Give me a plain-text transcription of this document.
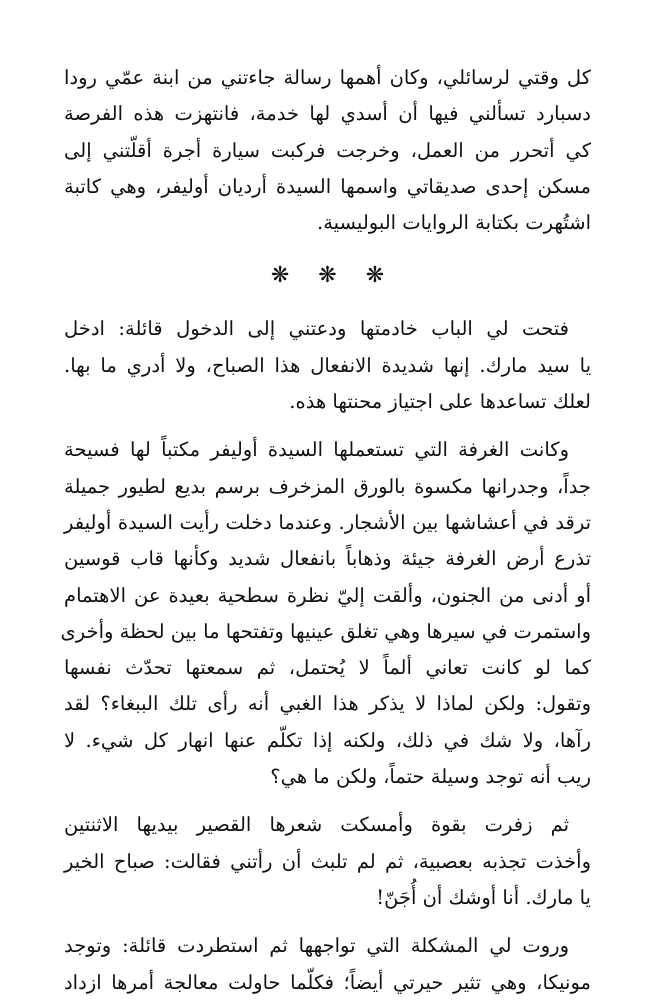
كل وقتي لرسائلي، وكان أهمها رسالة جاءتني من ابنة عمّي رودا
دسبارد تسألني فيها أن أسدي لها خدمة، فانتهزت هذه الفرصة
كي أتحرر من العمل، وخرجت فركبت سيارة أجرة أقلّتني إلى
مسكن إحدى صديقاتي واسمها السيدة أرديان أوليفر، وهي كاتبة
اشتُهرت بكتابة الروايات البوليسية.
❋ ❋ ❋
فتحت لي الباب خادمتها ودعتني إلى الدخول قائلة: ادخل
يا سيد مارك. إنها شديدة الانفعال هذا الصباح، ولا أدري ما بها.
لعلك تساعدها على اجتياز محنتها هذه.
وكانت الغرفة التي تستعملها السيدة أوليفر مكتباً لها فسيحة
جداً، وجدرانها مكسوة بالورق المزخرف برسم بديع لطيور جميلة
ترقد في أعشاشها بين الأشجار. وعندما دخلت رأيت السيدة أوليفر
تذرع أرض الغرفة جيئة وذهاباً بانفعال شديد وكأنها قاب قوسين
أو أدنى من الجنون، وألقت إليّ نظرة سطحية بعيدة عن الاهتمام
واستمرت في سيرها وهي تغلق عينيها وتفتحها ما بين لحظة وأخرى
كما لو كانت تعاني ألماً لا يُحتمل، ثم سمعتها تحدّث نفسها
وتقول: ولكن لماذا لا يذكر هذا الغبي أنه رأى تلك الببغاء؟ لقد
رآها، ولا شك في ذلك، ولكنه إذا تكلّم عنها انهار كل شيء. لا
ريب أنه توجد وسيلة حتماً، ولكن ما هي؟
ثم زفرت بقوة وأمسكت شعرها القصير بيديها الاثنتين
وأخذت تجذبه بعصبية، ثم لم تلبث أن رأتني فقالت: صباح الخير
يا مارك. أنا أوشك أن أُجَنّ!
وروت لي المشكلة التي تواجهها ثم استطردت قائلة: وتوجد
مونيكا، وهي تثير حيرتي أيضاً؛ فكلّما حاولت معالجة أمرها ازداد
